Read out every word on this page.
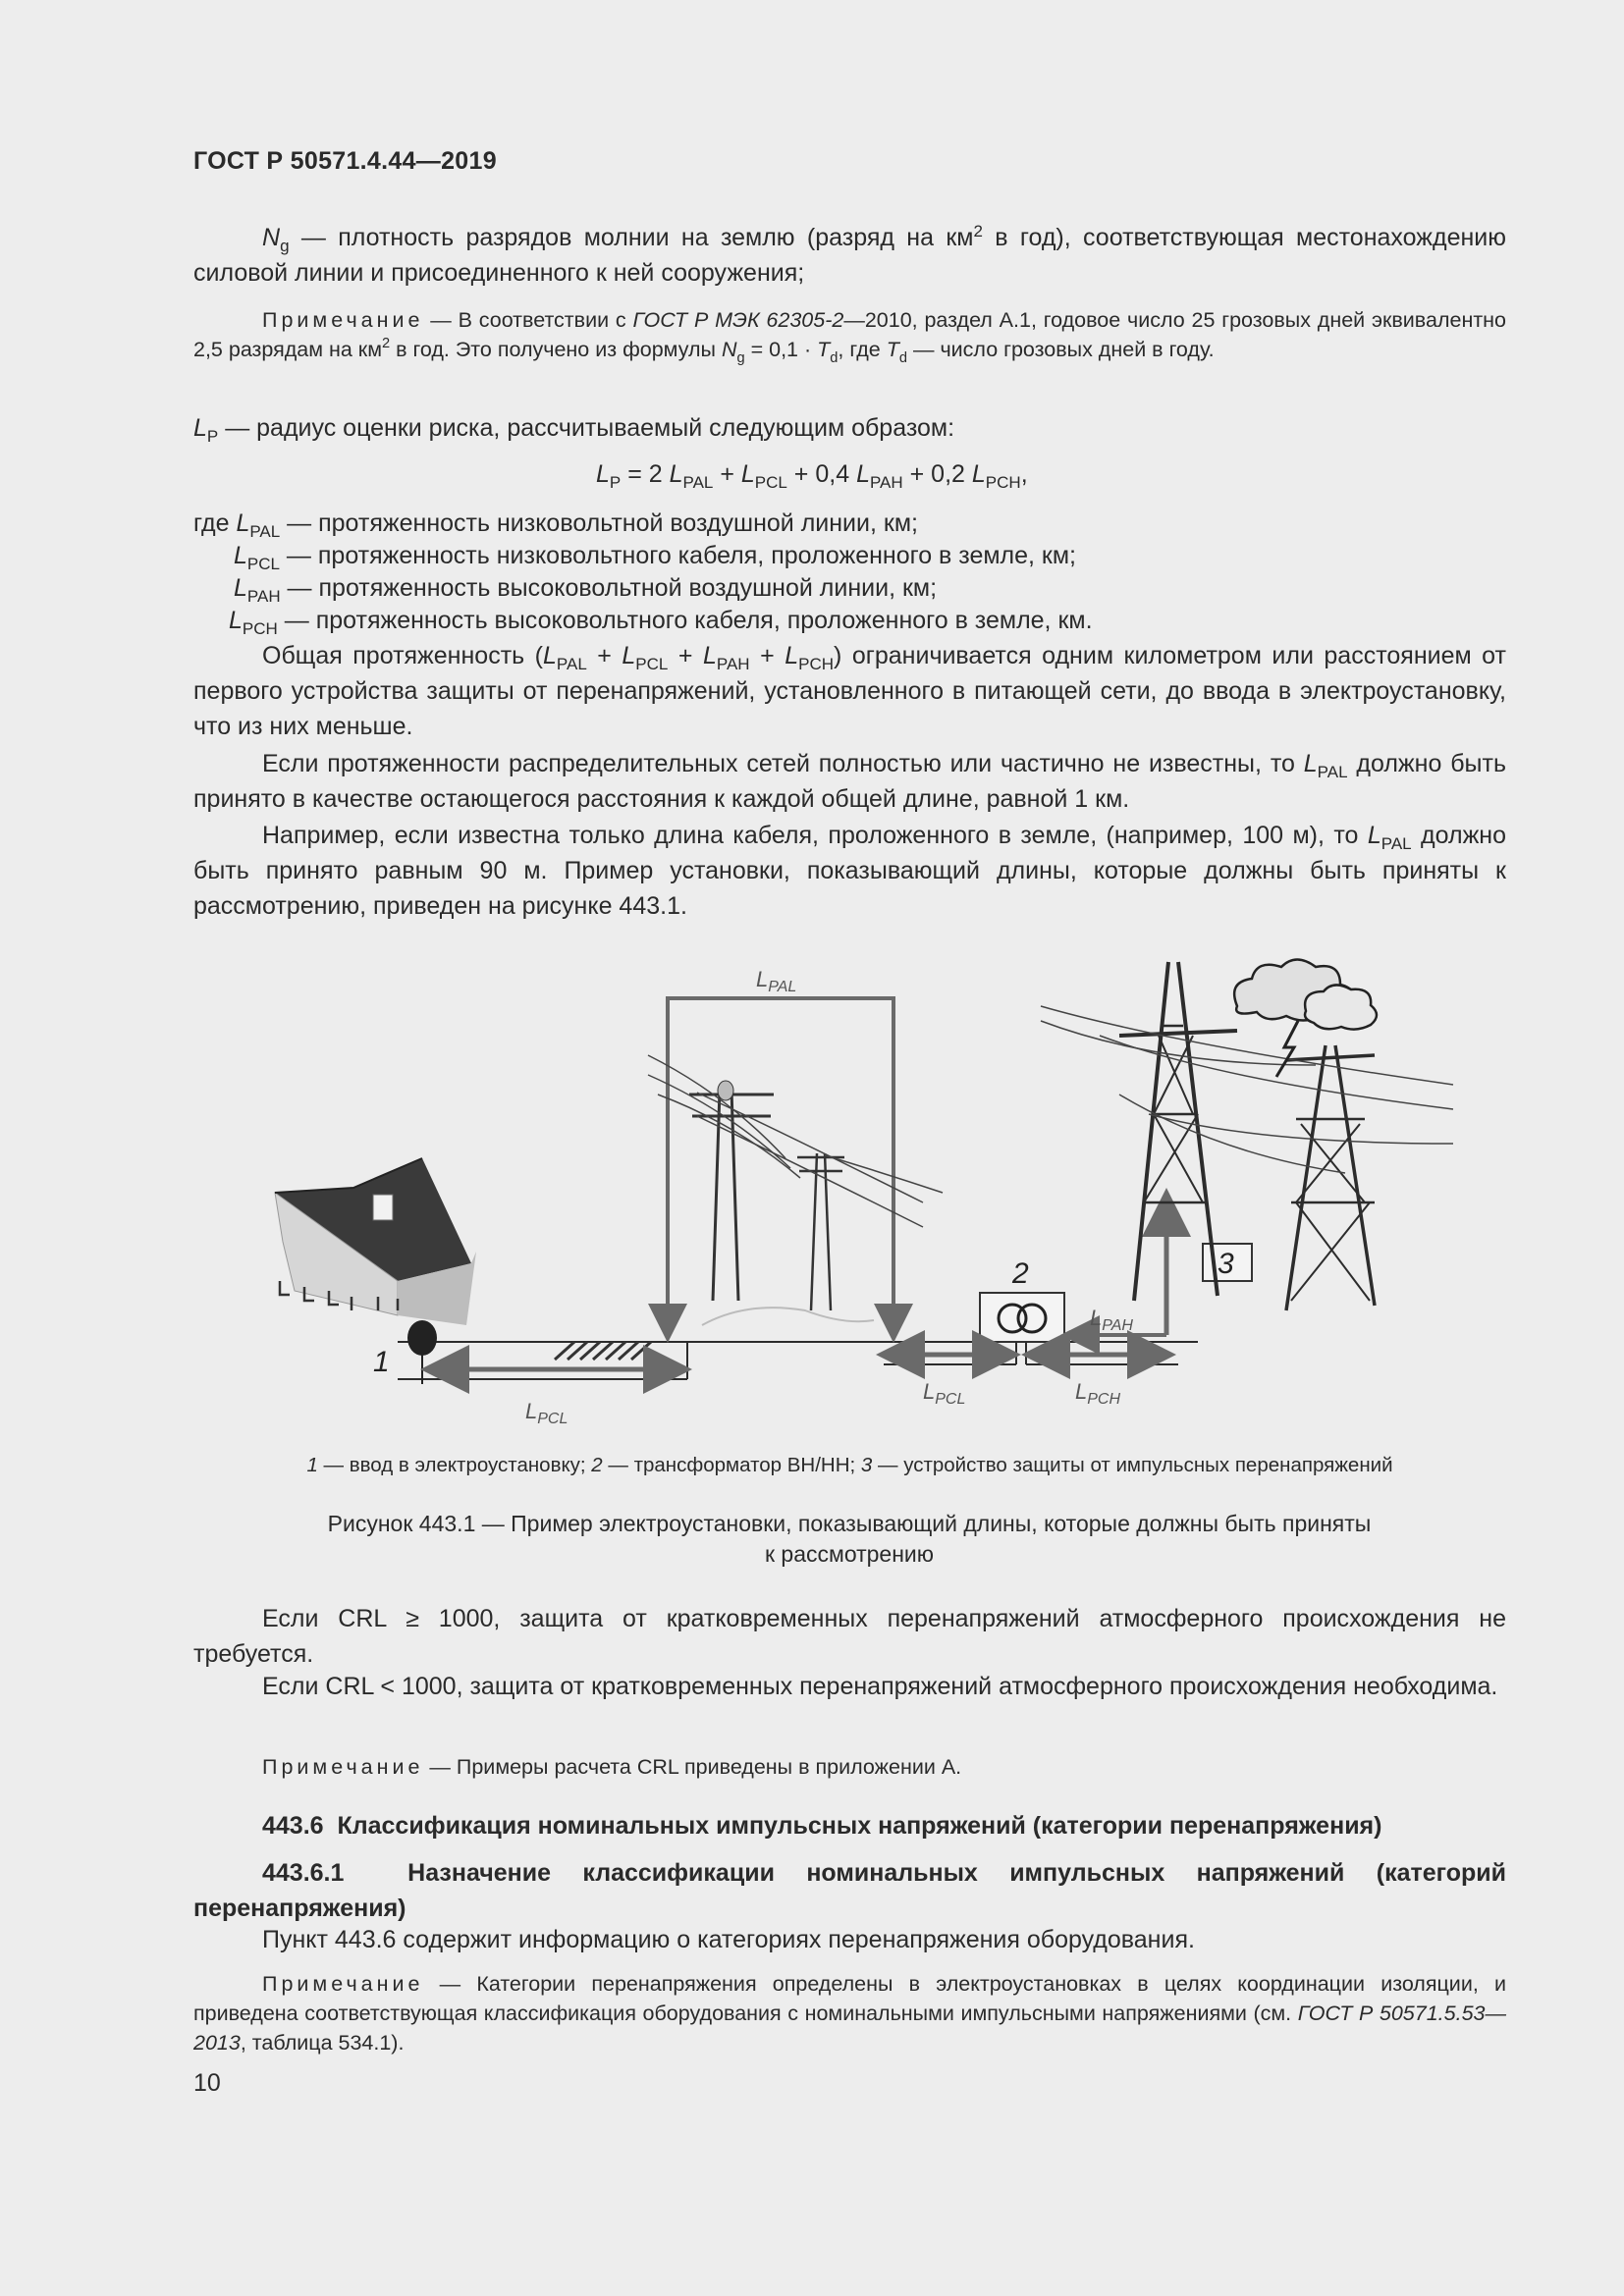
ГОСТ Р 50571.4.44—2019
$N_g$ — плотность разрядов молнии на землю (разряд на $км^2$ в год), соответствующая местонахождению силовой линии и присоединенного к ней сооружения;
Примечание — В соответствии с ГОСТ Р МЭК 62305-2—2010, раздел А.1, годовое число 25 грозовых дней эквивалентно 2,5 разрядам на $км^2$ в год. Это получено из формулы $N_g = 0,1 \cdot T_d$, где $T_d$ — число грозовых дней в году.
$L_P$ — радиус оценки риска, рассчитываемый следующим образом:
$L_P = 2$ $L_{PAL} + L_{PCL} + 0,4$ $L_{PAH} + 0,2$ $L_{PCH}$,
где $L_{PAL}$ — протяженность низковольтной воздушной линии, км;
$L_{PCL}$ — протяженность низковольтного кабеля, проложенного в земле, км;
$L_{PAH}$ — протяженность высоковольтной воздушной линии, км;
$L_{PCH}$ — протяженность высоковольтного кабеля, проложенного в земле, км.
Общая протяженность $(L_{PAL} + L_{PCL} + L_{PAH} + L_{PCH})$ ограничивается одним километром или расстоянием от первого устройства защиты от перенапряжений, установленного в питающей сети, до ввода в электроустановку, что из них меньше.
Если протяженности распределительных сетей полностью или частично не известны, то $L_{PAL}$ должно быть принято в качестве остающегося расстояния к каждой общей длине, равной 1 км.
Например, если известна только длина кабеля, проложенного в земле, (например, 100 м), то $L_{PAL}$ должно быть принято равным 90 м. Пример установки, показывающий длины, которые должны быть приняты к рассмотрению, приведен на рисунке 443.1.
1
$L_{PCL}$
$L_{PAL}$
2
$L_{PCL}$	$L_{PCH}$
$L_{PAH}$
3
1 — ввод в электроустановку; 2 — трансформатор ВН/НН; 3 — устройство защиты от импульсных перенапряжений
Рисунок 443.1 — Пример электроустановки, показывающий длины, которые должны быть приняты
к рассмотрению
Если CRL ≥ 1000, защита от кратковременных перенапряжений атмосферного происхождения не требуется.
Если CRL < 1000, защита от кратковременных перенапряжений атмосферного происхождения необходима.
Примечание — Примеры расчета CRL приведены в приложении А.
443.6 Классификация номинальных импульсных напряжений (категории перенапряжения)
443.6.1	Назначение классификации номинальных импульсных напряжений (категорий перенапряжения)
Пункт 443.6 содержит информацию о категориях перенапряжения оборудования.
Примечание — Категории перенапряжения определены в электроустановках в целях координации изоляции, и приведена соответствующая классификация оборудования с номинальными импульсными напряжениями (см. ГОСТ Р 50571.5.53—2013, таблица 534.1).
10
